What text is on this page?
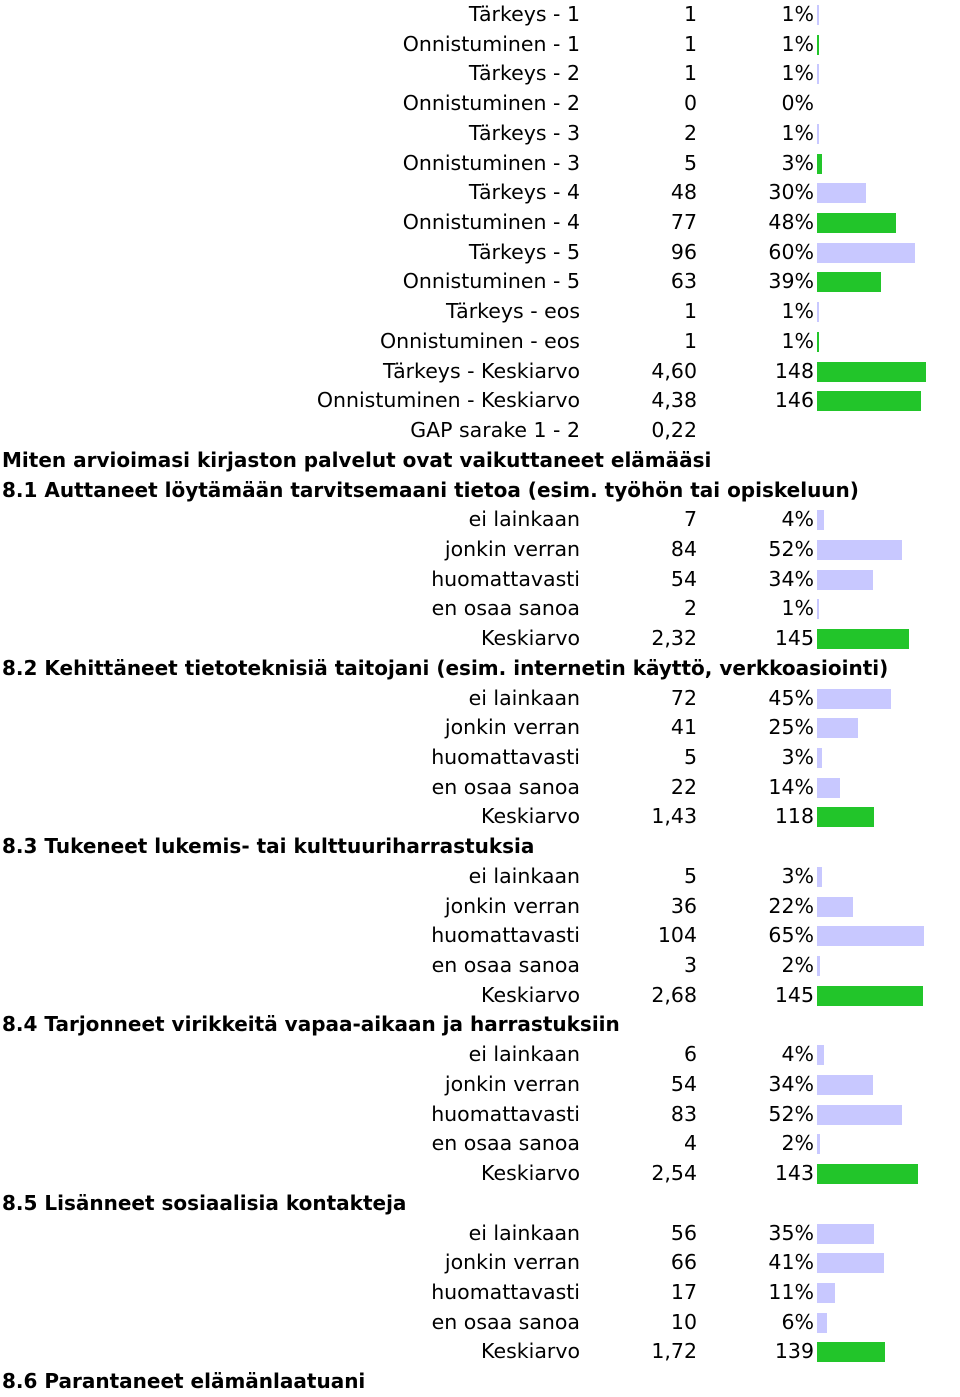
Tärkeys - 1	1	1%
Onnistuminen - 1	1	1%
Tärkeys - 2	1	1%
Onnistuminen - 2	0	0%
Tärkeys - 3	2	1%
Onnistuminen - 3	5	3%
Tärkeys - 4	48	30%
Onnistuminen - 4	77	48%
Tärkeys - 5	96	60%
Onnistuminen - 5	63	39%
Tärkeys - eos	1	1%
Onnistuminen - eos	1	1%
Tärkeys - Keskiarvo	4,60	148
Onnistuminen - Keskiarvo	4,38	146
GAP sarake 1 - 2	0,22
Miten arvioimasi kirjaston palvelut ovat vaikuttaneet elämääsi
8.1 Auttaneet löytämään tarvitsemaani tietoa (esim. työhön tai opiskeluun)
ei lainkaan	7	4%
jonkin verran	84	52%
huomattavasti	54	34%
en osaa sanoa	2	1%
Keskiarvo	2,32	145
8.2 Kehittäneet tietoteknisiä taitojani (esim. internetin käyttö, verkkoasiointi)
ei lainkaan	72	45%
jonkin verran	41	25%
huomattavasti	5	3%
en osaa sanoa	22	14%
Keskiarvo	1,43	118
8.3 Tukeneet lukemis- tai kulttuuriharrastuksia
ei lainkaan	5	3%
jonkin verran	36	22%
huomattavasti	104	65%
en osaa sanoa	3	2%
Keskiarvo	2,68	145
8.4 Tarjonneet virikkeitä vapaa-aikaan ja harrastuksiin
ei lainkaan	6	4%
jonkin verran	54	34%
huomattavasti	83	52%
en osaa sanoa	4	2%
Keskiarvo	2,54	143
8.5 Lisänneet sosiaalisia kontakteja
ei lainkaan	56	35%
jonkin verran	66	41%
huomattavasti	17	11%
en osaa sanoa	10	6%
Keskiarvo	1,72	139
8.6 Parantaneet elämänlaatuani
